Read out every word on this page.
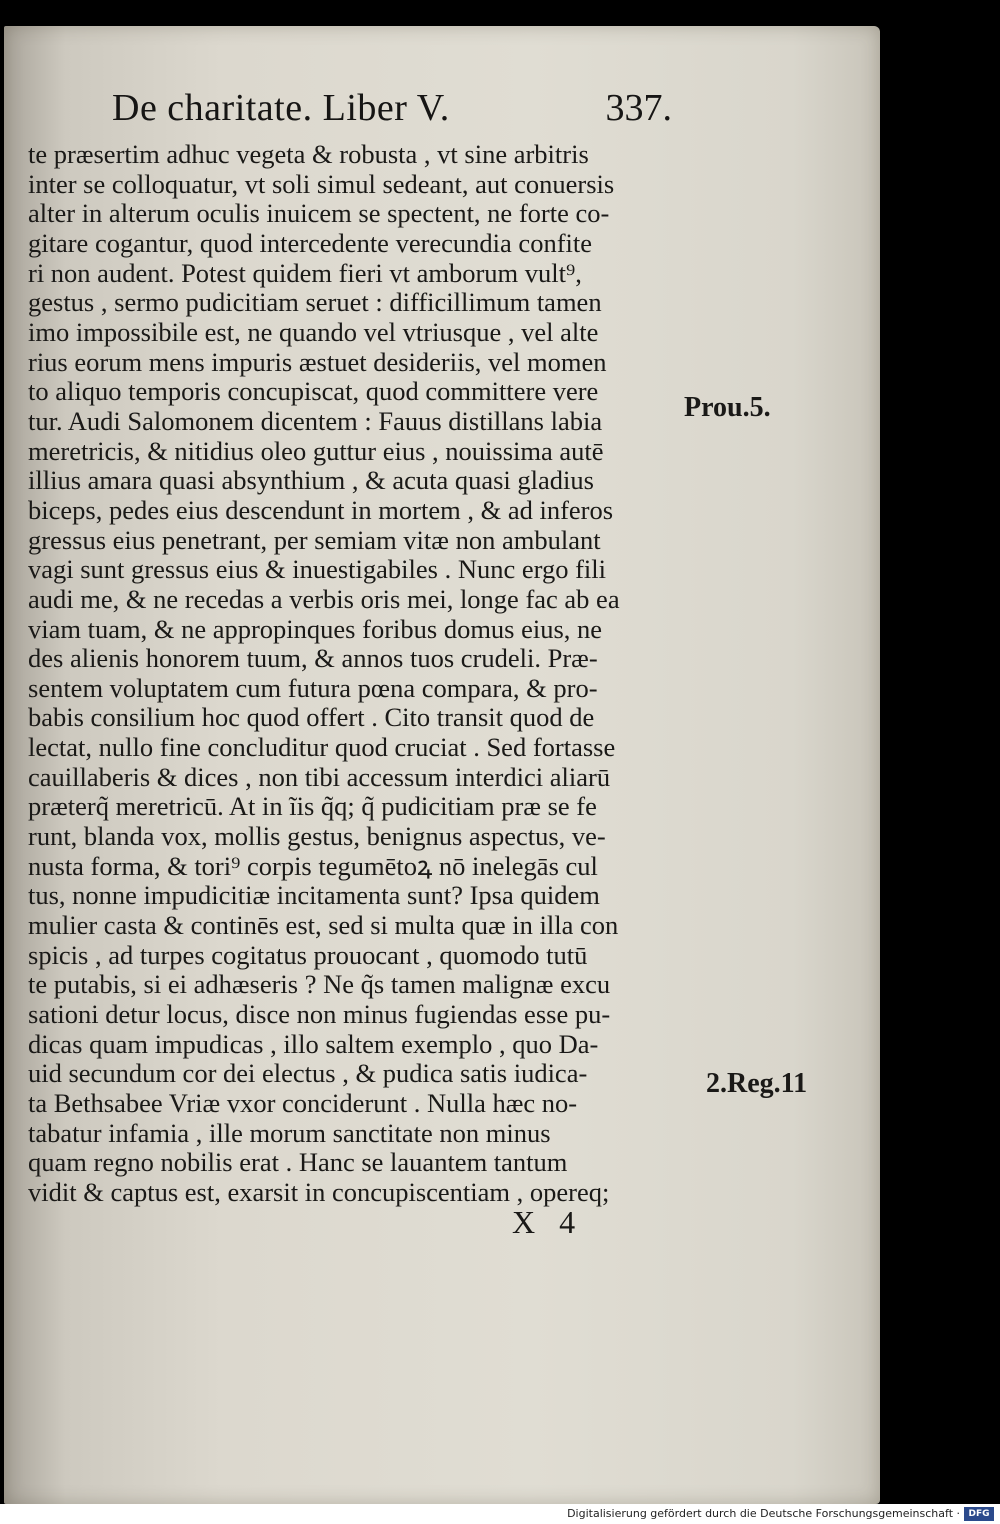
De charitate. Liber V.	337.
te præsertim adhuc vegeta & robusta , vt sine arbitris
inter se colloquatur, vt soli simul sedeant, aut conuersis
alter in alterum oculis inuicem se spectent, ne forte co-
gitare cogantur, quod intercedente verecundia confite
ri non audent. Potest quidem fieri vt amborum vult⁹,
gestus , sermo pudicitiam seruet : difficillimum tamen
imo impossibile est, ne quando vel vtriusque , vel alte
rius eorum mens impuris æstuet desideriis, vel momen
to aliquo temporis concupiscat, quod committere vere
tur. Audi Salomonem dicentem : Fauus distillans labia
meretricis, & nitidius oleo guttur eius , nouissima autē
illius amara quasi absynthium , & acuta quasi gladius
biceps, pedes eius descendunt in mortem , & ad inferos
gressus eius penetrant, per semiam vitæ non ambulant
vagi sunt gressus eius & inuestigabiles . Nunc ergo fili
audi me, & ne recedas a verbis oris mei, longe fac ab ea
viam tuam, & ne appropinques foribus domus eius, ne
des alienis honorem tuum, & annos tuos crudeli. Præ-
sentem voluptatem cum futura pœna compara, & pro-
babis consilium hoc quod offert . Cito transit quod de
lectat, nullo fine concluditur quod cruciat . Sed fortasse
cauillaberis & dices , non tibi accessum interdici aliarū
præterq̃ meretricū. At in ĩis q̃q; q̃ pudicitiam præ se fe
runt, blanda vox, mollis gestus, benignus aspectus, ve-
nusta forma, & tori⁹ corpis tegumētoꝝ nō inelegās cul
tus, nonne impudicitiæ incitamenta sunt? Ipsa quidem
mulier casta & continēs est, sed si multa quæ in illa con
spicis , ad turpes cogitatus prouocant , quomodo tutū
te putabis, si ei adhæseris ? Ne q̃s tamen malignæ excu
sationi detur locus, disce non minus fugiendas esse pu-
dicas quam impudicas , illo saltem exemplo , quo Da-
uid secundum cor dei electus , & pudica satis iudica-
ta Bethsabee Vriæ vxor conciderunt . Nulla hæc no-
tabatur infamia , ille morum sanctitate non minus
quam regno nobilis erat . Hanc se lauantem tantum
vidit & captus est, exarsit in concupiscentiam , opereq;
Prou.5.
2.Reg.11
X 4
Digitalisierung gefördert durch die Deutsche Forschungsgemeinschaft · DFG
